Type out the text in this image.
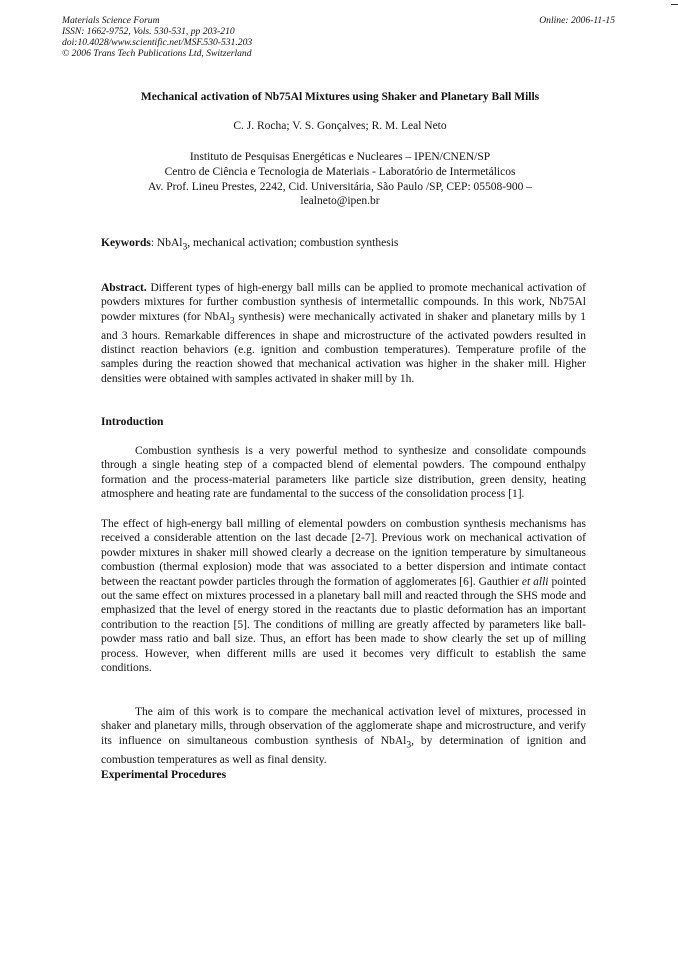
Materials Science Forum
ISSN: 1662-9752, Vols. 530-531, pp 203-210
doi:10.4028/www.scientific.net/MSF.530-531.203
© 2006 Trans Tech Publications Ltd, Switzerland
Online: 2006-11-15
Mechanical activation of Nb75Al Mixtures using Shaker and Planetary Ball Mills
C. J. Rocha; V. S. Gonçalves; R. M. Leal Neto
Instituto de Pesquisas Energéticas e Nucleares – IPEN/CNEN/SP
Centro de Ciência e Tecnologia de Materiais - Laboratório de Intermetálicos
Av. Prof. Lineu Prestes, 2242, Cid. Universitária, São Paulo /SP, CEP: 05508-900 –
lealneto@ipen.br
Keywords: NbAl$_3$, mechanical activation; combustion synthesis
Abstract. Different types of high-energy ball mills can be applied to promote mechanical activation of powders mixtures for further combustion synthesis of intermetallic compounds. In this work, Nb75Al powder mixtures (for NbAl$_3$ synthesis) were mechanically activated in shaker and planetary mills by 1 and 3 hours. Remarkable differences in shape and microstructure of the activated powders resulted in distinct reaction behaviors (e.g. ignition and combustion temperatures). Temperature profile of the samples during the reaction showed that mechanical activation was higher in the shaker mill. Higher densities were obtained with samples activated in shaker mill by 1h.
Introduction
Combustion synthesis is a very powerful method to synthesize and consolidate compounds through a single heating step of a compacted blend of elemental powders. The compound enthalpy formation and the process-material parameters like particle size distribution, green density, heating atmosphere and heating rate are fundamental to the success of the consolidation process [1].
The effect of high-energy ball milling of elemental powders on combustion synthesis mechanisms has received a considerable attention on the last decade [2-7]. Previous work on mechanical activation of powder mixtures in shaker mill showed clearly a decrease on the ignition temperature by simultaneous combustion (thermal explosion) mode that was associated to a better dispersion and intimate contact between the reactant powder particles through the formation of agglomerates [6]. Gauthier et alli pointed out the same effect on mixtures processed in a planetary ball mill and reacted through the SHS mode and emphasized that the level of energy stored in the reactants due to plastic deformation has an important contribution to the reaction [5]. The conditions of milling are greatly affected by parameters like ball-powder mass ratio and ball size. Thus, an effort has been made to show clearly the set up of milling process. However, when different mills are used it becomes very difficult to establish the same conditions.
The aim of this work is to compare the mechanical activation level of mixtures, processed in shaker and planetary mills, through observation of the agglomerate shape and microstructure, and verify its influence on simultaneous combustion synthesis of NbAl$_3$, by determination of ignition and combustion temperatures as well as final density.
Experimental Procedures
